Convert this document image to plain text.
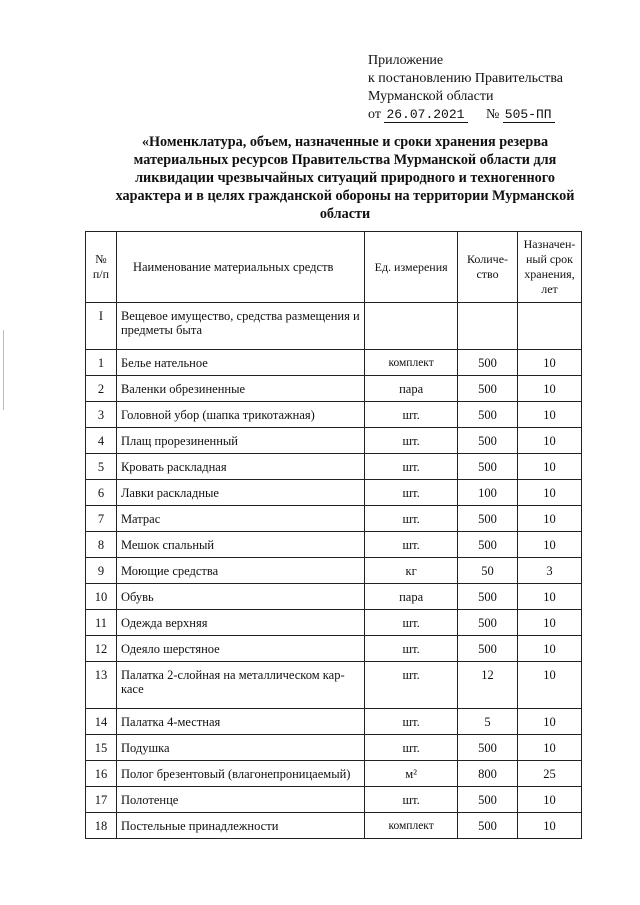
Приложение
к постановлению Правительства
Мурманской области
от 26.07.2021 № 505-ПП
«Номенклатура, объем, назначенные и сроки хранения резерва материальных ресурсов Правительства Мурманской области для ликвидации чрезвычайных ситуаций природного и техногенного характера и в целях гражданской обороны на территории Мурманской области
№ п/п	Наименование материальных средств	Ед. измерения	Количе-ство	Назначен-ный срок хранения, лет
I	Вещевое имущество, средства размещения и предметы быта			
1	Белье нательное	комплект	500	10
2	Валенки обрезиненные	пара	500	10
3	Головной убор (шапка трикотажная)	шт.	500	10
4	Плащ прорезиненный	шт.	500	10
5	Кровать раскладная	шт.	500	10
6	Лавки раскладные	шт.	100	10
7	Матрас	шт.	500	10
8	Мешок спальный	шт.	500	10
9	Моющие средства	кг	50	3
10	Обувь	пара	500	10
11	Одежда верхняя	шт.	500	10
12	Одеяло шерстяное	шт.	500	10
13	Палатка 2-слойная на металлическом кар-касе	шт.	12	10
14	Палатка 4-местная	шт.	5	10
15	Подушка	шт.	500	10
16	Полог брезентовый (влагонепроницаемый)	м²	800	25
17	Полотенце	шт.	500	10
18	Постельные принадлежности	комплект	500	10
